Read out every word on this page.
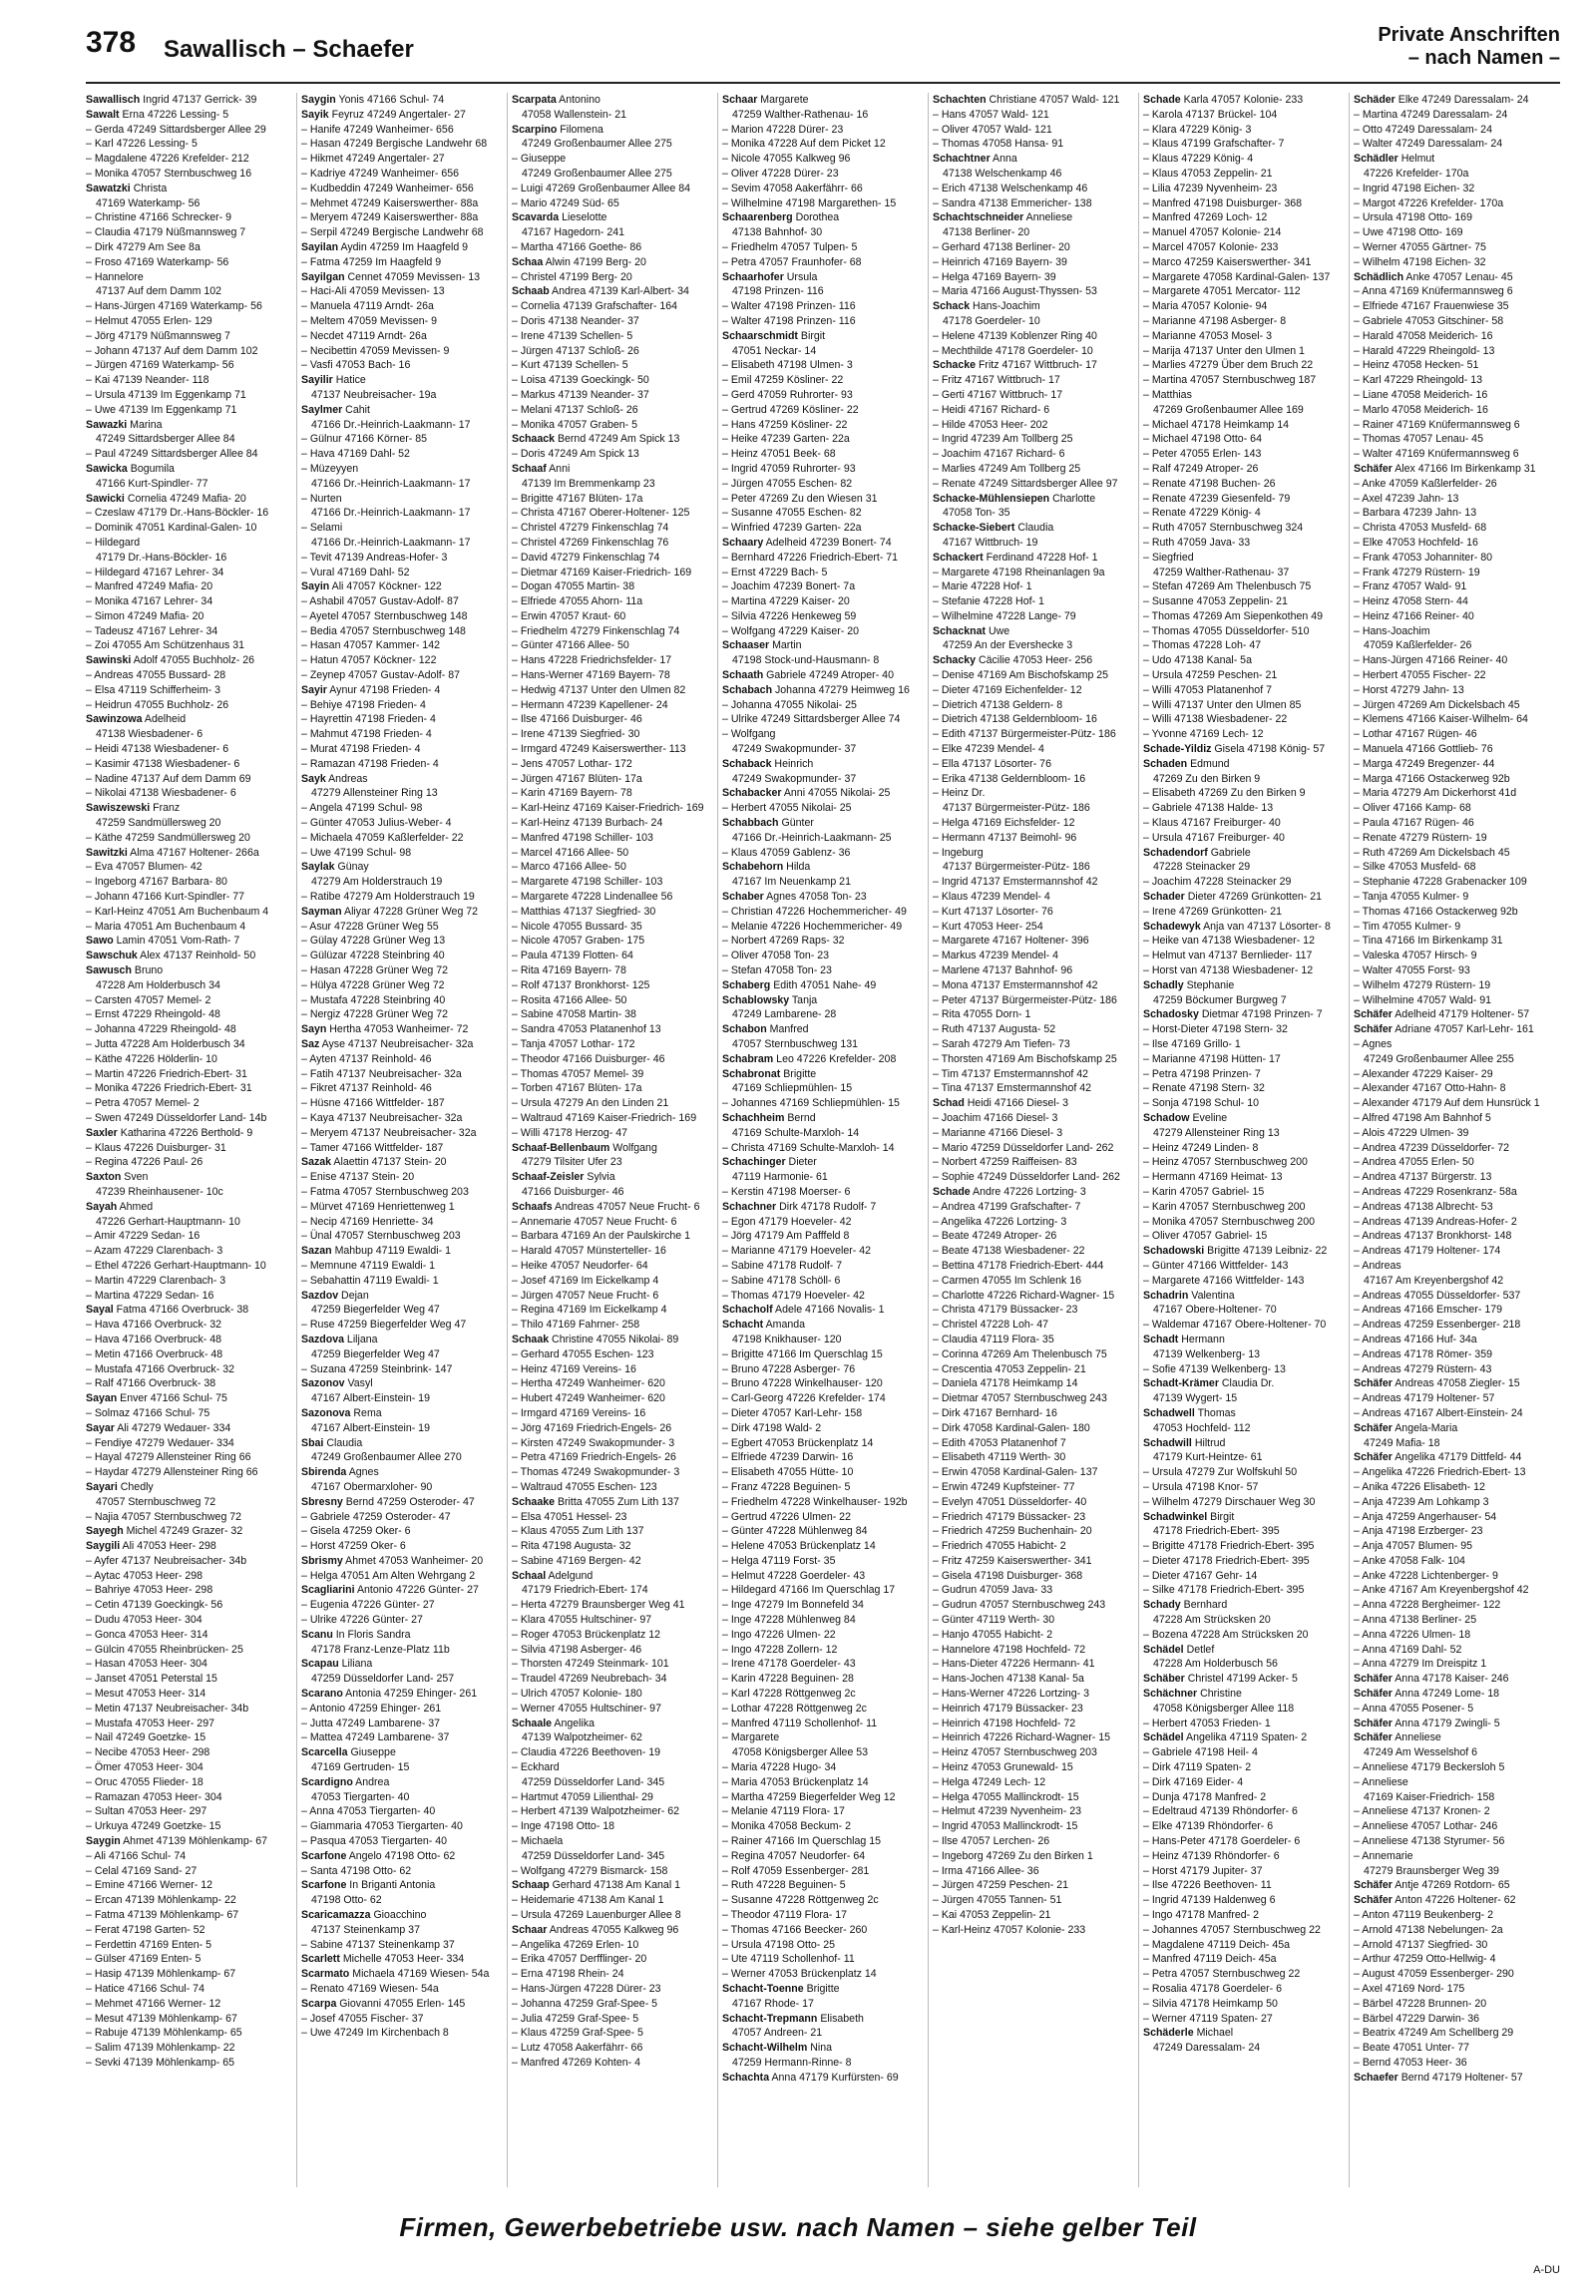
378 Sawallisch – Schaefer
Private Anschriften
– nach Namen –
Sawallisch Ingrid 47137 Gerrick- 39
Sawalt Erna 47226 Lessing- 5
– Gerda 47249 Sittardsberger Allee 29
– Karl 47226 Lessing- 5
– Magdalene 47226 Krefelder- 212
– Monika 47057 Sternbuschweg 16
Sawatzki Christa
47169 Waterkamp- 56
– Christine 47166 Schrecker- 9
– Claudia 47179 Nüßmannsweg 7
– Dirk 47279 Am See 8a
– Froso 47169 Waterkamp- 56
– Hannelore
47137 Auf dem Damm 102
– Hans-Jürgen 47169 Waterkamp- 56
– Helmut 47055 Erlen- 129
– Jörg 47179 Nüßmannsweg 7
– Johann 47137 Auf dem Damm 102
– Jürgen 47169 Waterkamp- 56
– Kai 47139 Neander- 118
– Ursula 47139 Im Eggenkamp 71
– Uwe 47139 Im Eggenkamp 71
Sawazki Marina
47249 Sittardsberger Allee 84
– Paul 47249 Sittardsberger Allee 84
Sawicka Bogumila
47166 Kurt-Spindler- 77
Sawicki Cornelia 47249 Mafia- 20
– Czeslaw 47179 Dr.-Hans-Böckler- 16
– Dominik 47051 Kardinal-Galen- 10
– Hildegard
47179 Dr.-Hans-Böckler- 16
– Hildegard 47167 Lehrer- 34
– Manfred 47249 Mafia- 20
– Monika 47167 Lehrer- 34
– Simon 47249 Mafia- 20
– Tadeusz 47167 Lehrer- 34
– Zoi 47055 Am Schützenhaus 31
Sawinski Adolf 47055 Buchholz- 26
– Andreas 47055 Bussard- 28
– Elsa 47119 Schifferheim- 3
– Heidrun 47055 Buchholz- 26
Sawinzowa Adelheid
47138 Wiesbadener- 6
– Heidi 47138 Wiesbadener- 6
– Kasimir 47138 Wiesbadener- 6
– Nadine 47137 Auf dem Damm 69
– Nikolai 47138 Wiesbadener- 6
Sawiszewski Franz
47259 Sandmüllersweg 20
– Käthe 47259 Sandmüllersweg 20
Sawitzki Alma 47167 Holtener- 266a
– Eva 47057 Blumen- 42
– Ingeborg 47167 Barbara- 80
– Johann 47166 Kurt-Spindler- 77
– Karl-Heinz 47051 Am Buchenbaum 4
– Maria 47051 Am Buchenbaum 4
Sawo Lamin 47051 Vom-Rath- 7
Sawschuk Alex 47137 Reinhold- 50
Sawusch Bruno
47228 Am Holderbusch 34
– Carsten 47057 Memel- 2
– Ernst 47229 Rheingold- 48
– Johanna 47229 Rheingold- 48
– Jutta 47228 Am Holderbusch 34
– Käthe 47226 Hölderlin- 10
– Martin 47226 Friedrich-Ebert- 31
– Monika 47226 Friedrich-Ebert- 31
– Petra 47057 Memel- 2
– Swen 47249 Düsseldorfer Land- 14b
Saxler Katharina 47226 Berthold- 9
– Klaus 47226 Duisburger- 31
– Regina 47226 Paul- 26
Saxton Sven
47239 Rheinhausener- 10c
Sayah Ahmed
47226 Gerhart-Hauptmann- 10
– Amir 47229 Sedan- 16
– Azam 47229 Clarenbach- 3
– Ethel 47226 Gerhart-Hauptmann- 10
– Martin 47229 Clarenbach- 3
– Martina 47229 Sedan- 16
Sayal Fatma 47166 Overbruck- 38
– Hava 47166 Overbruck- 32
– Hava 47166 Overbruck- 48
– Metin 47166 Overbruck- 48
– Mustafa 47166 Overbruck- 32
– Ralf 47166 Overbruck- 38
Sayan Enver 47166 Schul- 75
– Solmaz 47166 Schul- 75
Sayar Ali 47279 Wedauer- 334
– Fendiye 47279 Wedauer- 334
– Hayal 47279 Allensteiner Ring 66
– Haydar 47279 Allensteiner Ring 66
Sayari Chedly
47057 Sternbuschweg 72
– Najia 47057 Sternbuschweg 72
Sayegh Michel 47249 Grazer- 32
Saygili Ali 47053 Heer- 298
– Ayfer 47137 Neubreisacher- 34b
– Aytac 47053 Heer- 298
– Bahriye 47053 Heer- 298
– Cetin 47139 Goeckingk- 56
– Dudu 47053 Heer- 304
– Gonca 47053 Heer- 314
– Gülcin 47055 Rheinbrücken- 25
– Hasan 47053 Heer- 304
– Janset 47051 Peterstal 15
– Mesut 47053 Heer- 314
– Metin 47137 Neubreisacher- 34b
– Mustafa 47053 Heer- 297
– Nail 47249 Goetzke- 15
– Necibe 47053 Heer- 298
– Ömer 47053 Heer- 304
– Oruc 47055 Flieder- 18
– Ramazan 47053 Heer- 304
– Sultan 47053 Heer- 297
– Urkuya 47249 Goetzke- 15
Saygin Ahmet 47139 Möhlenkamp- 67
– Ali 47166 Schul- 74
– Celal 47169 Sand- 27
– Emine 47166 Werner- 12
– Ercan 47139 Möhlenkamp- 22
– Fatma 47139 Möhlenkamp- 67
– Ferat 47198 Garten- 52
– Ferdettin 47169 Enten- 5
– Gülser 47169 Enten- 5
– Hasip 47139 Möhlenkamp- 67
– Hatice 47166 Schul- 74
– Mehmet 47166 Werner- 12
– Mesut 47139 Möhlenkamp- 67
– Rabuje 47139 Möhlenkamp- 65
– Salim 47139 Möhlenkamp- 22
– Sevki 47139 Möhlenkamp- 65
Saygin Yonis 47166 Schul- 74
Sayik Feyruz 47249 Angertaler- 27
– Hanife 47249 Wanheimer- 656
– Hasan 47249 Bergische Landwehr 68
– Hikmet 47249 Angertaler- 27
– Kadriye 47249 Wanheimer- 656
– Kudbeddin 47249 Wanheimer- 656
– Mehmet 47249 Kaiserswerther- 88a
– Meryem 47249 Kaiserswerther- 88a
– Serpil 47249 Bergische Landwehr 68
Sayilan Aydin 47259 Im Haagfeld 9
– Fatma 47259 Im Haagfeld 9
Sayilgan Cennet 47059 Mevissen- 13
– Haci-Ali 47059 Mevissen- 13
– Manuela 47119 Arndt- 26a
– Meltem 47059 Mevissen- 9
– Necdet 47119 Arndt- 26a
– Necibettin 47059 Mevissen- 9
– Vasfi 47053 Bach- 16
Sayilir Hatice
47137 Neubreisacher- 19a
Saylmer Cahit
47166 Dr.-Heinrich-Laakmann- 17
– Gülnur 47166 Körner- 85
– Hava 47169 Dahl- 52
– Müzeyyen
47166 Dr.-Heinrich-Laakmann- 17
– Nurten
47166 Dr.-Heinrich-Laakmann- 17
– Selami
47166 Dr.-Heinrich-Laakmann- 17
– Tevit 47139 Andreas-Hofer- 3
– Vural 47169 Dahl- 52
Sayin Ali 47057 Köckner- 122
– Ashabil 47057 Gustav-Adolf- 87
– Ayetel 47057 Sternbuschweg 148
– Bedia 47057 Sternbuschweg 148
– Hasan 47057 Kammer- 142
– Hatun 47057 Köckner- 122
– Zeynep 47057 Gustav-Adolf- 87
Sayir Aynur 47198 Frieden- 4
– Behiye 47198 Frieden- 4
– Hayrettin 47198 Frieden- 4
– Mahmut 47198 Frieden- 4
– Murat 47198 Frieden- 4
– Ramazan 47198 Frieden- 4
Sayk Andreas
47279 Allensteiner Ring 13
– Angela 47199 Schul- 98
– Günter 47053 Julius-Weber- 4
– Michaela 47059 Kaßlerfelder- 22
– Uwe 47199 Schul- 98
Saylak Günay
47279 Am Holderstrauch 19
– Ratibe 47279 Am Holderstrauch 19
Sayman Aliyar 47228 Grüner Weg 72
– Asur 47228 Grüner Weg 55
– Gülay 47228 Grüner Weg 13
– Gülüzar 47228 Steinbring 40
– Hasan 47228 Grüner Weg 72
– Hülya 47228 Grüner Weg 72
– Mustafa 47228 Steinbring 40
– Nergiz 47228 Grüner Weg 72
Sayn Hertha 47053 Wanheimer- 72
Saz Ayse 47137 Neubreisacher- 32a
– Ayten 47137 Reinhold- 46
– Fatih 47137 Neubreisacher- 32a
– Fikret 47137 Reinhold- 46
– Hüsne 47166 Wittfelder- 187
– Kaya 47137 Neubreisacher- 32a
– Meryem 47137 Neubreisacher- 32a
– Tamer 47166 Wittfelder- 187
Sazak Alaettin 47137 Stein- 20
– Enise 47137 Stein- 20
– Fatma 47057 Sternbuschweg 203
– Mürvet 47169 Henriettenweg 1
– Necip 47169 Henriette- 34
– Ünal 47057 Sternbuschweg 203
Sazan Mahbup 47119 Ewaldi- 1
– Memnune 47119 Ewaldi- 1
– Sebahattin 47119 Ewaldi- 1
Sazdov Dejan
47259 Biegerfelder Weg 47
– Ruse 47259 Biegerfelder Weg 47
Sazdova Liljana
47259 Biegerfelder Weg 47
– Suzana 47259 Steinbrink- 147
Sazonov Vasyl
47167 Albert-Einstein- 19
Sazonova Rema
47167 Albert-Einstein- 19
Sbai Claudia
47249 Großenbaumer Allee 270
Sbirenda Agnes
47167 Obermarxloher- 90
Sbresny Bernd 47259 Osteroder- 47
– Gabriele 47259 Osteroder- 47
– Gisela 47259 Oker- 6
– Horst 47259 Oker- 6
Sbrismy Ahmet 47053 Wanheimer- 20
– Helga 47051 Am Alten Wehrgang 2
Scagliarini Antonio 47226 Günter- 27
– Eugenia 47226 Günter- 27
– Ulrike 47226 Günter- 27
Scanu In Floris Sandra
47178 Franz-Lenze-Platz 11b
Scapau Liliana
47259 Düsseldorfer Land- 257
Scarano Antonia 47259 Ehinger- 261
– Antonio 47259 Ehinger- 261
– Jutta 47249 Lambarene- 37
– Mattea 47249 Lambarene- 37
Scarcella Giuseppe
47169 Gertruden- 15
Scardigno Andrea
47053 Tiergarten- 40
– Anna 47053 Tiergarten- 40
– Giammaria 47053 Tiergarten- 40
– Pasqua 47053 Tiergarten- 40
Scarfone Angelo 47198 Otto- 62
– Santa 47198 Otto- 62
Scarfone In Briganti Antonia
47198 Otto- 62
Scaricamazza Gioacchino
47137 Steinenkamp 37
– Sabine 47137 Steinenkamp 37
Scarlett Michelle 47053 Heer- 334
Scarmato Michaela 47169 Wiesen- 54a
– Renato 47169 Wiesen- 54a
Scarpa Giovanni 47055 Erlen- 145
– Josef 47055 Fischer- 37
– Uwe 47249 Im Kirchenbach 8
Scarpata Antonino
47058 Wallenstein- 21
Scarpino Filomena
47249 Großenbaumer Allee 275
– Giuseppe
47249 Großenbaumer Allee 275
– Luigi 47269 Großenbaumer Allee 84
– Mario 47249 Süd- 65
Scavarda Lieselotte
47167 Hagedorn- 241
– Martha 47166 Goethe- 86
Schaa Alwin 47199 Berg- 20
– Christel 47199 Berg- 20
Schaab Andrea 47139 Karl-Albert- 34
– Cornelia 47139 Grafschafter- 164
– Doris 47138 Neander- 37
– Irene 47139 Schellen- 5
– Jürgen 47137 Schloß- 26
– Kurt 47139 Schellen- 5
– Loisa 47139 Goeckingk- 50
– Markus 47139 Neander- 37
– Melani 47137 Schloß- 26
– Monika 47057 Graben- 5
Schaack Bernd 47249 Am Spick 13
– Doris 47249 Am Spick 13
Schaaf Anni
47139 Im Bremmenkamp 23
– Brigitte 47167 Blüten- 17a
– Christa 47167 Oberer-Holtener- 125
– Christel 47279 Finkenschlag 74
– Christel 47269 Finkenschlag 76
– David 47279 Finkenschlag 74
– Dietmar 47169 Kaiser-Friedrich- 169
– Dogan 47055 Martin- 38
– Elfriede 47055 Ahorn- 11a
– Erwin 47057 Kraut- 60
– Friedhelm 47279 Finkenschlag 74
– Günter 47166 Allee- 50
– Hans 47228 Friedrichsfelder- 17
– Hans-Werner 47169 Bayern- 78
– Hedwig 47137 Unter den Ulmen 82
– Hermann 47239 Kapellener- 24
– Ilse 47166 Duisburger- 46
– Irene 47139 Siegfried- 30
– Irmgard 47249 Kaiserswerther- 113
– Jens 47057 Lothar- 172
– Jürgen 47167 Blüten- 17a
– Karin 47169 Bayern- 78
– Karl-Heinz 47169 Kaiser-Friedrich- 169
– Karl-Heinz 47139 Burbach- 24
– Manfred 47198 Schiller- 103
– Marcel 47166 Allee- 50
– Marco 47166 Allee- 50
– Margarete 47198 Schiller- 103
– Margarete 47228 Lindenallee 56
– Matthias 47137 Siegfried- 30
– Nicole 47055 Bussard- 35
– Nicole 47057 Graben- 175
– Paula 47139 Flotten- 64
– Rita 47169 Bayern- 78
– Rolf 47137 Bronkhorst- 125
– Rosita 47166 Allee- 50
– Sabine 47058 Martin- 38
– Sandra 47053 Platanenhof 13
– Tanja 47057 Lothar- 172
– Theodor 47166 Duisburger- 46
– Thomas 47057 Memel- 39
– Torben 47167 Blüten- 17a
– Ursula 47279 An den Linden 21
– Waltraud 47169 Kaiser-Friedrich- 169
– Willi 47178 Herzog- 47
Schaaf-Bellenbaum Wolfgang
47279 Tilsiter Ufer 23
Schaaf-Zeisler Sylvia
47166 Duisburger- 46
Schaafs Andreas 47057 Neue Frucht- 6
– Annemarie 47057 Neue Frucht- 6
– Barbara 47169 An der Paulskirche 1
– Harald 47057 Münsterteller- 16
– Heike 47057 Neudorfer- 64
– Josef 47169 Im Eickelkamp 4
– Jürgen 47057 Neue Frucht- 6
– Regina 47169 Im Eickelkamp 4
– Thilo 47169 Fahrner- 258
Schaak Christine 47055 Nikolai- 89
– Gerhard 47055 Eschen- 123
– Heinz 47169 Vereins- 16
– Hertha 47249 Wanheimer- 620
– Hubert 47249 Wanheimer- 620
– Irmgard 47169 Vereins- 16
– Jörg 47169 Friedrich-Engels- 26
– Kirsten 47249 Swakopmunder- 3
– Petra 47169 Friedrich-Engels- 26
– Thomas 47249 Swakopmunder- 3
– Waltraud 47055 Eschen- 123
Schaake Britta 47055 Zum Lith 137
– Elsa 47051 Hessel- 23
– Klaus 47055 Zum Lith 137
– Rita 47198 Augusta- 32
– Sabine 47169 Bergen- 42
Schaal Adelgund
47179 Friedrich-Ebert- 174
– Herta 47279 Braunsberger Weg 41
– Klara 47055 Hultschiner- 97
– Roger 47053 Brückenplatz 12
– Silvia 47198 Asberger- 46
– Thorsten 47249 Steinmark- 101
– Traudel 47269 Neubrebach- 34
– Ulrich 47057 Kolonie- 180
– Werner 47055 Hultschiner- 97
Schaale Angelika
47139 Walpotzheimer- 62
– Claudia 47226 Beethoven- 19
– Eckhard
47259 Düsseldorfer Land- 345
– Hartmut 47059 Lilienthal- 29
– Herbert 47139 Walpotzheimer- 62
– Inge 47198 Otto- 18
– Michaela
47259 Düsseldorfer Land- 345
– Wolfgang 47279 Bismarck- 158
Schaap Gerhard 47138 Am Kanal 1
– Heidemarie 47138 Am Kanal 1
– Ursula 47269 Lauenburger Allee 8
Schaar Andreas 47055 Kalkweg 96
– Angelika 47269 Erlen- 10
– Erika 47057 Derfflinger- 20
– Erna 47198 Rhein- 24
– Hans-Jürgen 47228 Dürer- 23
– Johanna 47259 Graf-Spee- 5
– Julia 47259 Graf-Spee- 5
– Klaus 47259 Graf-Spee- 5
– Lutz 47058 Aakerfährr- 66
– Manfred 47269 Kohten- 4
Schaar Margarete
47259 Walther-Rathenau- 16
– Marion 47228 Dürer- 23
– Monika 47228 Auf dem Picket 12
– Nicole 47055 Kalkweg 96
– Oliver 47228 Dürer- 23
– Sevim 47058 Aakerfährr- 66
– Wilhelmine 47198 Margarethen- 15
Schaarenberg Dorothea
47138 Bahnhof- 30
– Friedhelm 47057 Tulpen- 5
– Petra 47057 Fraunhofer- 68
Schaarhofer Ursula
47198 Prinzen- 116
– Walter 47198 Prinzen- 116
– Walter 47198 Prinzen- 116
Schaarschmidt Birgit
47051 Neckar- 14
– Elisabeth 47198 Ulmen- 3
– Emil 47259 Kösliner- 22
– Gerd 47059 Ruhrorter- 93
– Gertrud 47269 Kösliner- 22
– Hans 47259 Kösliner- 22
– Heike 47239 Garten- 22a
– Heinz 47051 Beek- 68
– Ingrid 47059 Ruhrorter- 93
– Jürgen 47055 Eschen- 82
– Peter 47269 Zu den Wiesen 31
– Susanne 47055 Eschen- 82
– Winfried 47239 Garten- 22a
Schaary Adelheid 47239 Bonert- 74
– Bernhard 47226 Friedrich-Ebert- 71
– Ernst 47229 Bach- 5
– Joachim 47239 Bonert- 7a
– Martina 47229 Kaiser- 20
– Silvia 47226 Henkeweg 59
– Wolfgang 47229 Kaiser- 20
Schaaser Martin
47198 Stock-und-Hausmann- 8
Schaath Gabriele 47249 Atroper- 40
Schabach Johanna 47279 Heimweg 16
– Johanna 47055 Nikolai- 25
– Ulrike 47249 Sittardsberger Allee 74
– Wolfgang
47249 Swakopmunder- 37
Schaback Heinrich
47249 Swakopmunder- 37
Schabacker Anni 47055 Nikolai- 25
– Herbert 47055 Nikolai- 25
Schabbach Günter
47166 Dr.-Heinrich-Laakmann- 25
– Klaus 47059 Gablenz- 36
Schabehorn Hilda
47167 Im Neuenkamp 21
Schaber Agnes 47058 Ton- 23
– Christian 47226 Hochemmericher- 49
– Melanie 47226 Hochemmericher- 49
– Norbert 47269 Raps- 32
– Oliver 47058 Ton- 23
– Stefan 47058 Ton- 23
Schaberg Edith 47051 Nahe- 49
Schablowsky Tanja
47249 Lambarene- 28
Schabon Manfred
47057 Sternbuschweg 131
Schabram Leo 47226 Krefelder- 208
Schabronat Brigitte
47169 Schliepmühlen- 15
– Johannes 47169 Schliepmühlen- 15
Schachheim Bernd
47169 Schulte-Marxloh- 14
– Christa 47169 Schulte-Marxloh- 14
Schachinger Dieter
47119 Harmonie- 61
– Kerstin 47198 Moerser- 6
Schachner Dirk 47178 Rudolf- 7
– Egon 47179 Hoeveler- 42
– Jörg 47179 Am Pafffeld 8
– Marianne 47179 Hoeveler- 42
– Sabine 47178 Rudolf- 7
– Sabine 47178 Schöll- 6
– Thomas 47179 Hoeveler- 42
Schacholf Adele 47166 Novalis- 1
Schacht Amanda
47198 Knikhauser- 120
– Brigitte 47166 Im Querschlag 15
– Bruno 47228 Asberger- 76
– Bruno 47228 Winkelhauser- 120
– Carl-Georg 47226 Krefelder- 174
– Dieter 47057 Karl-Lehr- 158
– Dirk 47198 Wald- 2
– Egbert 47053 Brückenplatz 14
– Elfriede 47239 Darwin- 16
– Elisabeth 47055 Hütte- 10
– Franz 47228 Beguinen- 5
– Friedhelm 47228 Winkelhauser- 192b
– Gertrud 47226 Ulmen- 22
– Günter 47228 Mühlenweg 84
– Helene 47053 Brückenplatz 14
– Helga 47119 Forst- 35
– Helmut 47228 Goerdeler- 43
– Hildegard 47166 Im Querschlag 17
– Inge 47279 Im Bonnefeld 34
– Inge 47228 Mühlenweg 84
– Ingo 47226 Ulmen- 22
– Ingo 47228 Zollern- 12
– Irene 47178 Goerdeler- 43
– Karin 47228 Beguinen- 28
– Karl 47228 Röttgenweg 2c
– Lothar 47228 Röttgenweg 2c
– Manfred 47119 Schollenhof- 11
– Margarete
47058 Königsberger Allee 53
– Maria 47228 Hugo- 34
– Maria 47053 Brückenplatz 14
– Martha 47259 Biegerfelder Weg 12
– Melanie 47119 Flora- 17
– Monika 47058 Beckum- 2
– Rainer 47166 Im Querschlag 15
– Regina 47057 Neudorfer- 64
– Rolf 47059 Essenberger- 281
– Ruth 47228 Beguinen- 5
– Susanne 47228 Röttgenweg 2c
– Theodor 47119 Flora- 17
– Thomas 47166 Beecker- 260
– Ursula 47198 Otto- 25
– Ute 47119 Schollenhof- 11
– Werner 47053 Brückenplatz 14
Schacht-Toenne Brigitte
47167 Rhode- 17
Schacht-Trepmann Elisabeth
47057 Andreen- 21
Schacht-Wilhelm Nina
47259 Hermann-Rinne- 8
Schachta Anna 47179 Kurfürsten- 69
Schachten Christiane 47057 Wald- 121
– Hans 47057 Wald- 121
– Oliver 47057 Wald- 121
– Thomas 47058 Hansa- 91
Schachtner Anna
47138 Welschenkamp 46
– Erich 47138 Welschenkamp 46
– Sandra 47138 Emmericher- 138
Schachtschneider Anneliese
47138 Berliner- 20
– Gerhard 47138 Berliner- 20
– Heinrich 47169 Bayern- 39
– Helga 47169 Bayern- 39
– Maria 47166 August-Thyssen- 53
Schack Hans-Joachim
47178 Goerdeler- 10
– Helene 47139 Koblenzer Ring 40
– Mechthilde 47178 Goerdeler- 10
Schacke Fritz 47167 Wittbruch- 17
– Fritz 47167 Wittbruch- 17
– Gerti 47167 Wittbruch- 17
– Heidi 47167 Richard- 6
– Hilde 47053 Heer- 202
– Ingrid 47239 Am Tollberg 25
– Joachim 47167 Richard- 6
– Marlies 47249 Am Tollberg 25
– Renate 47249 Sittardsberger Allee 97
Schacke-Mühlensiepen Charlotte
47058 Ton- 35
Schacke-Siebert Claudia
47167 Wittbruch- 19
Schackert Ferdinand 47228 Hof- 1
– Margarete 47198 Rheinanlagen 9a
– Marie 47228 Hof- 1
– Stefanie 47228 Hof- 1
– Wilhelmine 47228 Lange- 79
Schacknat Uwe
47259 An der Evershecke 3
Schacky Cäcilie 47053 Heer- 256
– Denise 47169 Am Bischofskamp 25
– Dieter 47169 Eichenfelder- 12
– Dietrich 47138 Geldern- 8
– Dietrich 47138 Geldernbloom- 16
– Edith 47137 Bürgermeister-Pütz- 186
– Elke 47239 Mendel- 4
– Ella 47137 Lösorter- 76
– Erika 47138 Geldernbloom- 16
– Heinz Dr.
47137 Bürgermeister-Pütz- 186
– Helga 47169 Eichsfelder- 12
– Hermann 47137 Beimohl- 96
– Ingeburg
47137 Bürgermeister-Pütz- 186
– Ingrid 47137 Emstermannshof 42
– Klaus 47239 Mendel- 4
– Kurt 47137 Lösorter- 76
– Kurt 47053 Heer- 254
– Margarete 47167 Holtener- 396
– Markus 47239 Mendel- 4
– Marlene 47137 Bahnhof- 96
– Mona 47137 Emstermannshof 42
– Peter 47137 Bürgermeister-Pütz- 186
– Rita 47055 Dorn- 1
– Ruth 47137 Augusta- 52
– Sarah 47279 Am Tiefen- 73
– Thorsten 47169 Am Bischofskamp 25
– Tim 47137 Emstermannshof 42
– Tina 47137 Emstermannshof 42
Schad Heidi 47166 Diesel- 3
– Joachim 47166 Diesel- 3
– Marianne 47166 Diesel- 3
– Mario 47259 Düsseldorfer Land- 262
– Norbert 47259 Raiffeisen- 83
– Sophie 47249 Düsseldorfer Land- 262
Schade Andre 47226 Lortzing- 3
– Andrea 47199 Grafschafter- 7
– Angelika 47226 Lortzing- 3
– Beate 47249 Atroper- 26
– Beate 47138 Wiesbadener- 22
– Bettina 47178 Friedrich-Ebert- 444
– Carmen 47055 Im Schlenk 16
– Charlotte 47226 Richard-Wagner- 15
– Christa 47179 Büssacker- 23
– Christel 47228 Loh- 47
– Claudia 47119 Flora- 35
– Corinna 47269 Am Thelenbusch 75
– Crescentia 47053 Zeppelin- 21
– Daniela 47178 Heimkamp 14
– Dietmar 47057 Sternbuschweg 243
– Dirk 47167 Bernhard- 16
– Dirk 47058 Kardinal-Galen- 180
– Edith 47053 Platanenhof 7
– Elisabeth 47119 Werth- 30
– Erwin 47058 Kardinal-Galen- 137
– Erwin 47249 Kupfsteiner- 77
– Evelyn 47051 Düsseldorfer- 40
– Friedrich 47179 Büssacker- 23
– Friedrich 47259 Buchenhain- 20
– Friedrich 47055 Habicht- 2
– Fritz 47259 Kaiserswerther- 341
– Gisela 47198 Duisburger- 368
– Gudrun 47059 Java- 33
– Gudrun 47057 Sternbuschweg 243
– Günter 47119 Werth- 30
– Hanjo 47055 Habicht- 2
– Hannelore 47198 Hochfeld- 72
– Hans-Dieter 47226 Hermann- 41
– Hans-Jochen 47138 Kanal- 5a
– Hans-Werner 47226 Lortzing- 3
– Heinrich 47179 Büssacker- 23
– Heinrich 47198 Hochfeld- 72
– Heinrich 47226 Richard-Wagner- 15
– Heinz 47057 Sternbuschweg 203
– Heinz 47053 Grunewald- 15
– Helga 47249 Lech- 12
– Helga 47055 Mallinckrodt- 15
– Helmut 47239 Nyvenheim- 23
– Ingrid 47053 Mallinckrodt- 15
– Ilse 47057 Lerchen- 26
– Ingeborg 47269 Zu den Birken 1
– Irma 47166 Allee- 36
– Jürgen 47259 Peschen- 21
– Jürgen 47055 Tannen- 51
– Kai 47053 Zeppelin- 21
– Karl-Heinz 47057 Kolonie- 233
Schade Karla 47057 Kolonie- 233
– Karola 47137 Brückel- 104
– Klara 47229 König- 3
– Klaus 47199 Grafschafter- 7
– Klaus 47229 König- 4
– Klaus 47053 Zeppelin- 21
– Lilia 47239 Nyvenheim- 23
– Manfred 47198 Duisburger- 368
– Manfred 47269 Loch- 12
– Manuel 47057 Kolonie- 214
– Marcel 47057 Kolonie- 233
– Marco 47259 Kaiserswerther- 341
– Margarete 47058 Kardinal-Galen- 137
– Margarete 47051 Mercator- 112
– Maria 47057 Kolonie- 94
– Marianne 47198 Asberger- 8
– Marianne 47053 Mosel- 3
– Marija 47137 Unter den Ulmen 1
– Marlies 47279 Über dem Bruch 22
– Martina 47057 Sternbuschweg 187
– Matthias
47269 Großenbaumer Allee 169
– Michael 47178 Heimkamp 14
– Michael 47198 Otto- 64
– Peter 47055 Erlen- 143
– Ralf 47249 Atroper- 26
– Renate 47198 Buchen- 26
– Renate 47239 Giesenfeld- 79
– Renate 47229 König- 4
– Ruth 47057 Sternbuschweg 324
– Ruth 47059 Java- 33
– Siegfried
47259 Walther-Rathenau- 37
– Stefan 47269 Am Thelenbusch 75
– Susanne 47053 Zeppelin- 21
– Thomas 47269 Am Siepenkothen 49
– Thomas 47055 Düsseldorfer- 510
– Thomas 47228 Loh- 47
– Udo 47138 Kanal- 5a
– Ursula 47259 Peschen- 21
– Willi 47053 Platanenhof 7
– Willi 47137 Unter den Ulmen 85
– Willi 47138 Wiesbadener- 22
– Yvonne 47169 Lech- 12
Schade-Yildiz Gisela 47198 König- 57
Schaden Edmund
47269 Zu den Birken 9
– Elisabeth 47269 Zu den Birken 9
– Gabriele 47138 Halde- 13
– Klaus 47167 Freiburger- 40
– Ursula 47167 Freiburger- 40
Schadendorf Gabriele
47228 Steinacker 29
– Joachim 47228 Steinacker 29
Schader Dieter 47269 Grünkotten- 21
– Irene 47269 Grünkotten- 21
Schadewyk Anja van 47137 Lösorter- 8
– Heike van 47138 Wiesbadener- 12
– Helmut van 47137 Bernlieder- 117
– Horst van 47138 Wiesbadener- 12
Schadly Stephanie
47259 Böckumer Burgweg 7
Schadosky Dietmar 47198 Prinzen- 7
– Horst-Dieter 47198 Stern- 32
– Ilse 47169 Grillo- 1
– Marianne 47198 Hütten- 17
– Petra 47198 Prinzen- 7
– Renate 47198 Stern- 32
– Sonja 47198 Schul- 10
Schadow Eveline
47279 Allensteiner Ring 13
– Heinz 47249 Linden- 8
– Heinz 47057 Sternbuschweg 200
– Hermann 47169 Heimat- 13
– Karin 47057 Gabriel- 15
– Karin 47057 Sternbuschweg 200
– Monika 47057 Sternbuschweg 200
– Oliver 47057 Gabriel- 15
Schadowski Brigitte 47139 Leibniz- 22
– Günter 47166 Wittfelder- 143
– Margarete 47166 Wittfelder- 143
Schadrin Valentina
47167 Obere-Holtener- 70
– Waldemar 47167 Obere-Holtener- 70
Schadt Hermann
47139 Welkenberg- 13
– Sofie 47139 Welkenberg- 13
Schadt-Krämer Claudia Dr.
47139 Wygert- 15
Schadwell Thomas
47053 Hochfeld- 112
Schadwill Hiltrud
47179 Kurt-Heintze- 61
– Ursula 47279 Zur Wolfskuhl 50
– Ursula 47198 Knor- 57
– Wilhelm 47279 Dirschauer Weg 30
Schadwinkel Birgit
47178 Friedrich-Ebert- 395
– Brigitte 47178 Friedrich-Ebert- 395
– Dieter 47178 Friedrich-Ebert- 395
– Dieter 47167 Gehr- 14
– Silke 47178 Friedrich-Ebert- 395
Schady Bernhard
47228 Am Strücksken 20
– Bozena 47228 Am Strücksken 20
Schädel Detlef
47228 Am Holderbusch 56
Schäber Christel 47199 Acker- 5
Schächner Christine
47058 Königsberger Allee 118
– Herbert 47053 Frieden- 1
Schädel Angelika 47119 Spaten- 2
– Gabriele 47198 Heil- 4
– Dirk 47119 Spaten- 2
– Dirk 47169 Eider- 4
– Dunja 47178 Manfred- 2
– Edeltraud 47139 Rhöndorfer- 6
– Elke 47139 Rhöndorfer- 6
– Hans-Peter 47178 Goerdeler- 6
– Heinz 47139 Rhöndorfer- 6
– Horst 47179 Jupiter- 37
– Ilse 47226 Beethoven- 11
– Ingrid 47139 Haldenweg 6
– Ingo 47178 Manfred- 2
– Johannes 47057 Sternbuschweg 22
– Magdalene 47119 Deich- 45a
– Manfred 47119 Deich- 45a
– Petra 47057 Sternbuschweg 22
– Rosalia 47178 Goerdeler- 6
– Silvia 47178 Heimkamp 50
– Werner 47119 Spaten- 27
Schäderle Michael
47249 Daressalam- 24
Schäder Elke 47249 Daressalam- 24
– Martina 47249 Daressalam- 24
– Otto 47249 Daressalam- 24
– Walter 47249 Daressalam- 24
Schädler Helmut
47226 Krefelder- 170a
– Ingrid 47198 Eichen- 32
– Margot 47226 Krefelder- 170a
– Ursula 47198 Otto- 169
– Uwe 47198 Otto- 169
– Werner 47055 Gärtner- 75
– Wilhelm 47198 Eichen- 32
Schädlich Anke 47057 Lenau- 45
– Anna 47169 Knüfermannsweg 6
– Elfriede 47167 Frauenwiese 35
– Gabriele 47053 Gitschiner- 58
– Harald 47058 Meiderich- 16
– Harald 47229 Rheingold- 13
– Heinz 47058 Hecken- 51
– Karl 47229 Rheingold- 13
– Liane 47058 Meiderich- 16
– Marlo 47058 Meiderich- 16
– Rainer 47169 Knüfermannsweg 6
– Thomas 47057 Lenau- 45
– Walter 47169 Knüfermannsweg 6
Schäfer Alex 47166 Im Birkenkamp 31
– Anke 47059 Kaßlerfelder- 26
– Axel 47239 Jahn- 13
– Barbara 47239 Jahn- 13
– Christa 47053 Musfeld- 68
– Elke 47053 Hochfeld- 16
– Frank 47053 Johanniter- 80
– Frank 47279 Rüstern- 19
– Franz 47057 Wald- 91
– Heinz 47058 Stern- 44
– Heinz 47166 Reiner- 40
– Hans-Joachim
47059 Kaßlerfelder- 26
– Hans-Jürgen 47166 Reiner- 40
– Herbert 47055 Fischer- 22
– Horst 47279 Jahn- 13
– Jürgen 47269 Am Dickelsbach 45
– Klemens 47166 Kaiser-Wilhelm- 64
– Lothar 47167 Rügen- 46
– Manuela 47166 Gottlieb- 76
– Marga 47249 Bregenzer- 44
– Marga 47166 Ostackerweg 92b
– Maria 47279 Am Dickerhorst 41d
– Oliver 47166 Kamp- 68
– Paula 47167 Rügen- 46
– Renate 47279 Rüstern- 19
– Ruth 47269 Am Dickelsbach 45
– Silke 47053 Musfeld- 68
– Stephanie 47228 Grabenacker 109
– Tanja 47055 Kulmer- 9
– Thomas 47166 Ostackerweg 92b
– Tim 47055 Kulmer- 9
– Tina 47166 Im Birkenkamp 31
– Valeska 47057 Hirsch- 9
– Walter 47055 Forst- 93
– Wilhelm 47279 Rüstern- 19
– Wilhelmine 47057 Wald- 91
Schäfer Adelheid 47179 Holtener- 57
Schäfer Adriane 47057 Karl-Lehr- 161
– Agnes
47249 Großenbaumer Allee 255
– Alexander 47229 Kaiser- 29
– Alexander 47167 Otto-Hahn- 8
– Alexander 47179 Auf dem Hunsrück 1
– Alfred 47198 Am Bahnhof 5
– Alois 47229 Ulmen- 39
– Andrea 47239 Düsseldorfer- 72
– Andrea 47055 Erlen- 50
– Andrea 47137 Bürgerstr. 13
– Andreas 47229 Rosenkranz- 58a
– Andreas 47138 Albrecht- 53
– Andreas 47139 Andreas-Hofer- 2
– Andreas 47137 Bronkhorst- 148
– Andreas 47179 Holtener- 174
– Andreas
47167 Am Kreyenbergshof 42
– Andreas 47055 Düsseldorfer- 537
– Andreas 47166 Emscher- 179
– Andreas 47259 Essenberger- 218
– Andreas 47166 Huf- 34a
– Andreas 47178 Römer- 359
– Andreas 47279 Rüstern- 43
Schäfer Andreas 47058 Ziegler- 15
– Andreas 47179 Holtener- 57
– Andreas 47167 Albert-Einstein- 24
Schäfer Angela-Maria
47249 Mafia- 18
Schäfer Angelika 47179 Dittfeld- 44
– Angelika 47226 Friedrich-Ebert- 13
– Anika 47226 Elisabeth- 12
– Anja 47239 Am Lohkamp 3
– Anja 47259 Angerhauser- 54
– Anja 47198 Erzberger- 23
– Anja 47057 Blumen- 95
– Anke 47058 Falk- 104
– Anke 47228 Lichtenberger- 9
– Anke 47167 Am Kreyenbergshof 42
– Anna 47228 Bergheimer- 122
– Anna 47138 Berliner- 25
– Anna 47226 Ulmen- 18
– Anna 47169 Dahl- 52
– Anna 47279 Im Dreispitz 1
Schäfer Anna 47178 Kaiser- 246
Schäfer Anna 47249 Lome- 18
– Anna 47055 Posener- 5
Schäfer Anna 47179 Zwingli- 5
Schäfer Anneliese
47249 Am Wesselshof 6
– Anneliese 47179 Beckersloh 5
– Anneliese
47169 Kaiser-Friedrich- 158
– Anneliese 47137 Kronen- 2
– Anneliese 47057 Lothar- 246
– Anneliese 47138 Styrumer- 56
– Annemarie
47279 Braunsberger Weg 39
Schäfer Antje 47269 Rotdorn- 65
Schäfer Anton 47226 Holtener- 62
– Anton 47119 Beukenberg- 2
– Arnold 47138 Nebelungen- 2a
– Arnold 47137 Siegfried- 30
– Arthur 47259 Otto-Hellwig- 4
– August 47059 Essenberger- 290
– Axel 47169 Nord- 175
– Bärbel 47228 Brunnen- 20
– Bärbel 47229 Darwin- 36
– Beatrix 47249 Am Schellberg 29
– Beate 47051 Unter- 77
– Bernd 47053 Heer- 36
Schaefer Bernd 47179 Holtener- 57
Firmen, Gewerbebetriebe usw. nach Namen – siehe gelber Teil
A-DU
